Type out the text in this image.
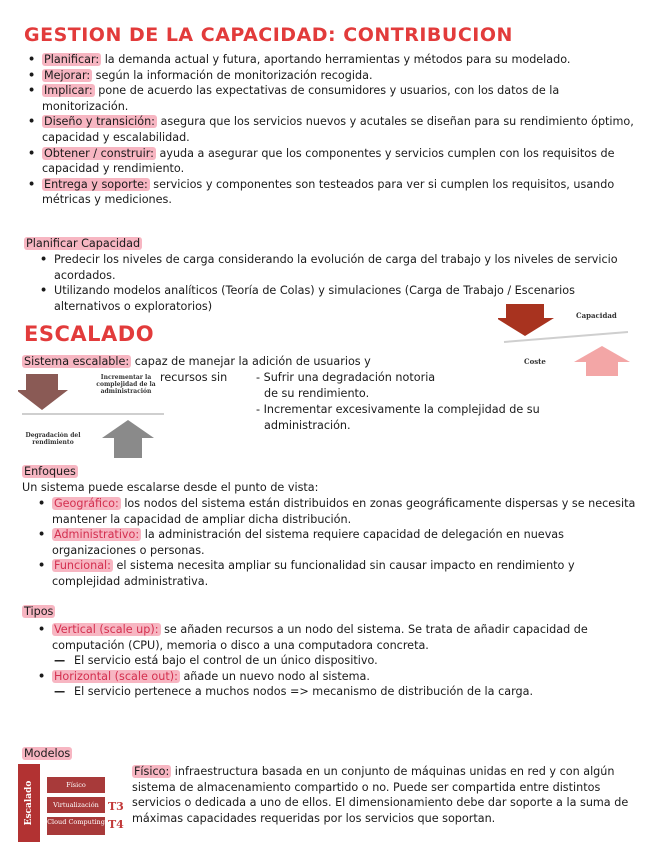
GESTION DE LA CAPACIDAD: CONTRIBUCION
• Planificar: la demanda actual y futura, aportando herramientas y métodos para su modelado.
• Mejorar: según la información de monitorización recogida.
• Implicar: pone de acuerdo las expectativas de consumidores y usuarios, con los datos de la monitorización.
• Diseño y transición: asegura que los servicios nuevos y acutales se diseñan para su rendimiento óptimo, capacidad y escalabilidad.
• Obtener / construir: ayuda a asegurar que los componentes y servicios cumplen con los requisitos de capacidad y rendimiento.
• Entrega y soporte: servicios y componentes son testeados para ver si cumplen los requisitos, usando métricas y mediciones.
Planificar Capacidad
• Predecir los niveles de carga considerando la evolución de carga del trabajo y los niveles de servicio acordados.
• Utilizando modelos analíticos (Teoría de Colas) y simulaciones (Carga de Trabajo / Escenarios alternativos o exploratorios)
Capacidad
Coste
ESCALADO
Sistema escalable: capaz de manejar la adición de usuarios y
recursos sin	- Sufrir una degradación notoria
de su rendimiento.
- Incrementar excesivamente la complejidad de su
administración.
Incrementar la complejidad de la administración
Degradación del rendimiento
Enfoques
Un sistema puede escalarse desde el punto de vista:
• Geográfico: los nodos del sistema están distribuidos en zonas geográficamente dispersas y se necesita mantener la capacidad de ampliar dicha distribución.
• Administrativo: la administración del sistema requiere capacidad de delegación en nuevas organizaciones o personas.
• Funcional: el sistema necesita ampliar su funcionalidad sin causar impacto en rendimiento y complejidad administrativa.
Tipos
• Vertical (scale up): se añaden recursos a un nodo del sistema. Se trata de añadir capacidad de computación (CPU), memoria o disco a una computadora concreta.
— El servicio está bajo el control de un único dispositivo.
• Horizontal (scale out): añade un nuevo nodo al sistema.
— El servicio pertenece a muchos nodos => mecanismo de distribución de la carga.
Modelos
Escalado	Físico
Virtualización
Cloud Computing
T3
T4
Físico: infraestructura basada en un conjunto de máquinas unidas en red y con algún sistema de almacenamiento compartido o no. Puede ser compartida entre distintos servicios o dedicada a uno de ellos. El dimensionamiento debe dar soporte a la suma de máximas capacidades requeridas por los servicios que soportan.
